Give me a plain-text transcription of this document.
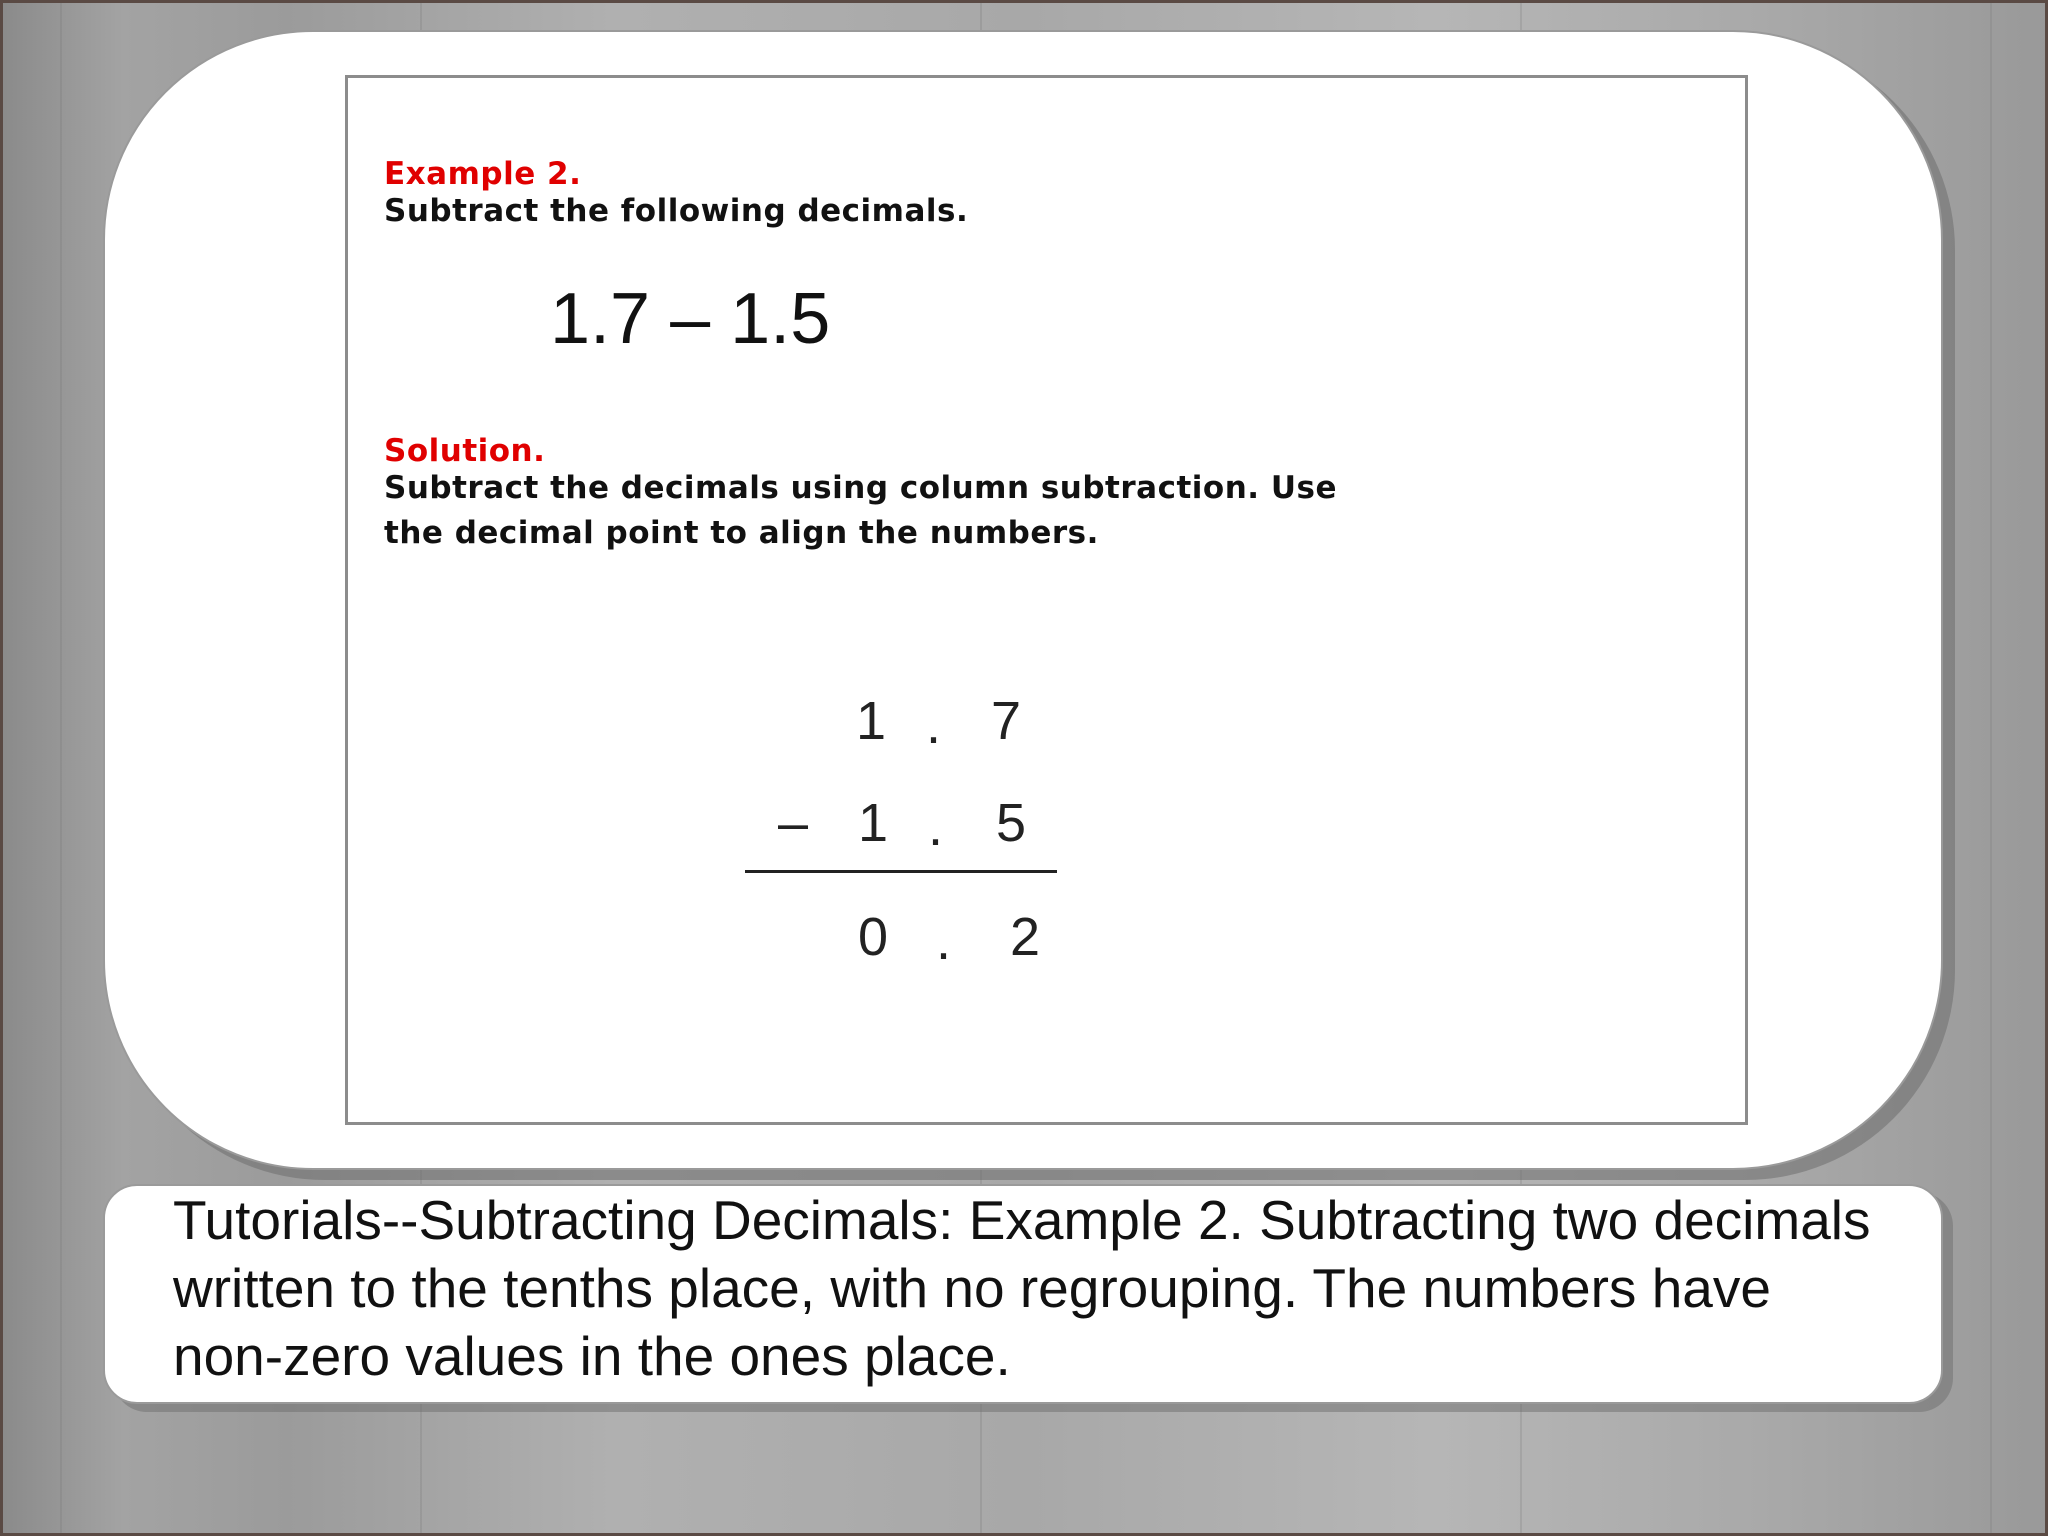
Example 2.
Subtract the following decimals.
1.7 – 1.5
Solution.
Subtract the decimals using column subtraction. Use
the decimal point to align the numbers.
1 . 7
– 1 . 5
0 . 2
Tutorials--Subtracting Decimals: Example 2. Subtracting two decimals written to the tenths place, with no regrouping. The numbers have non-zero values in the ones place.
